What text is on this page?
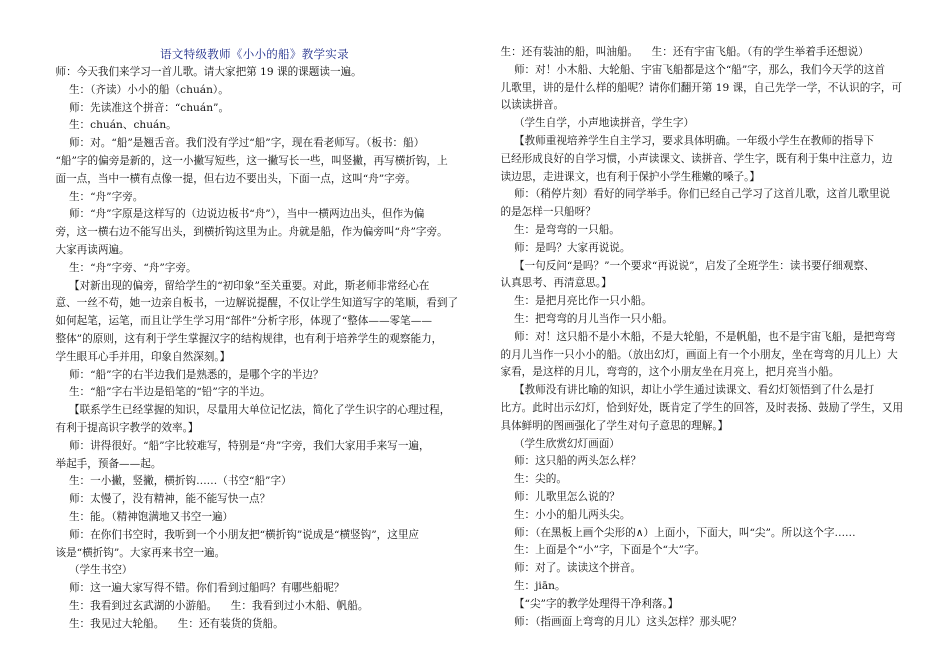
语文特级教师《小小的船》教学实录

师：今天我们来学习一首儿歌。请大家把第 19 课的课题读一遍。

生：（齐读）小小的船（chuán）。

师：先读准这个拼音：“chuán”。

生：chuán、chuán。

师：对。“船”是翘舌音。我们没有学过“船”字，现在看老师写。（板书：船）

“船”字的偏旁是新的，这一小撇写短些，这一撇写长一些，叫竖撇，再写横折钩，上

面一点，当中一横有点像一提，但右边不要出头，下面一点，这叫“舟”字旁。

生：“舟”字旁。

师：“舟”字原是这样写的（边说边板书“舟”），当中一横两边出头，但作为偏

旁，这一横右边不能写出头，到横折钩这里为止。舟就是船，作为偏旁叫“舟”字旁。

大家再读两遍。

生：“舟”字旁、“舟”字旁。

【对新出现的偏旁，留给学生的“初印象”至关重要。对此，斯老师非常经心在

意、一丝不苟，她一边亲自板书，一边解说提醒，不仅让学生知道写字的笔顺，看到了

如何起笔，运笔，而且让学生学习用“部件”分析字形，体现了“整体——零笔——

整体”的原则，这有利于学生掌握汉字的结构规律，也有利于培养学生的观察能力，

学生眼耳心手并用，印象自然深刻。】

师：“船”字的右半边我们是熟悉的，是哪个字的半边？

生：“船”字右半边是铅笔的“铅”字的半边。

【联系学生已经掌握的知识，尽量用大单位记忆法，简化了学生识字的心理过程，

有利于提高识字教学的效率。】

师：讲得很好。“船”字比较难写，特别是“舟”字旁，我们大家用手来写一遍，

举起手，预备——起。

生：一小撇，竖撇，横折钩……（书空“船”字）

师：太慢了，没有精神，能不能写快一点？

生：能。（精神饱满地又书空一遍）

师：在你们书空时，我听到一个小朋友把“横折钩”说成是“横竖钩”，这里应

该是“横折钩”。大家再来书空一遍。

（学生书空）

师：这一遍大家写得不错。你们看到过船吗？有哪些船呢？

生：我看到过玄武湖的小游船。    生：我看到过小木船、帆船。

生：我见过大轮船。    生：还有装货的货船。

生：还有装油的船，叫油船。    生：还有宇宙飞船。（有的学生举着手还想说）

师：对！小木船、大轮船、宇宙飞船都是这个“船”字，那么，我们今天学的这首

儿歌里，讲的是什么样的船呢？请你们翻开第 19 课，自己先学一学，不认识的字，可

以读读拼音。

（学生自学，小声地读拼音，学生字）

【教师重视培养学生自主学习，要求具体明确。一年级小学生在教师的指导下

已经形成良好的自学习惯，小声读课文、读拼音、学生字，既有利于集中注意力，边

读边思，走进课文，也有利于保护小学生稚嫩的嗓子。】

师：（稍停片刻）看好的同学举手。你们已经自己学习了这首儿歌，这首儿歌里说

的是怎样一只船呀？

生：是弯弯的一只船。

师：是吗？大家再说说。

【一句反问“是吗？”一个要求“再说说”，启发了全班学生：读书要仔细观察、

认真思考、再清意思。】

生：是把月亮比作一只小船。

生：把弯弯的月儿当作一只小船。

师：对！这只船不是小木船，不是大轮船，不是帆船，也不是宇宙飞船，是把弯弯

的月儿当作一只小小的船。（放出幻灯，画面上有一个小朋友，坐在弯弯的月儿上）大

家看，是这样的月儿，弯弯的，这个小朋友坐在月亮上，把月亮当小船。

【教师没有讲比喻的知识，却让小学生通过读课文、看幻灯领悟到了什么是打

比方。此时出示幻灯，恰到好处，既肯定了学生的回答，及时表扬、鼓励了学生，又用

具体鲜明的图画强化了学生对句子意思的理解。】

（学生欣赏幻灯画面）

师：这只船的两头怎么样？

生：尖的。

师：儿歌里怎么说的？

生：小小的船儿两头尖。

师：（在黑板上画个尖形的∧）上面小，下面大，叫“尖”。所以这个字……

生：上面是个“小”字，下面是个“大”字。

师：对了。读读这个拼音。

生：jiān。

【“尖”字的教学处理得干净利落。】

师：（指画面上弯弯的月儿）这头怎样？那头呢？
